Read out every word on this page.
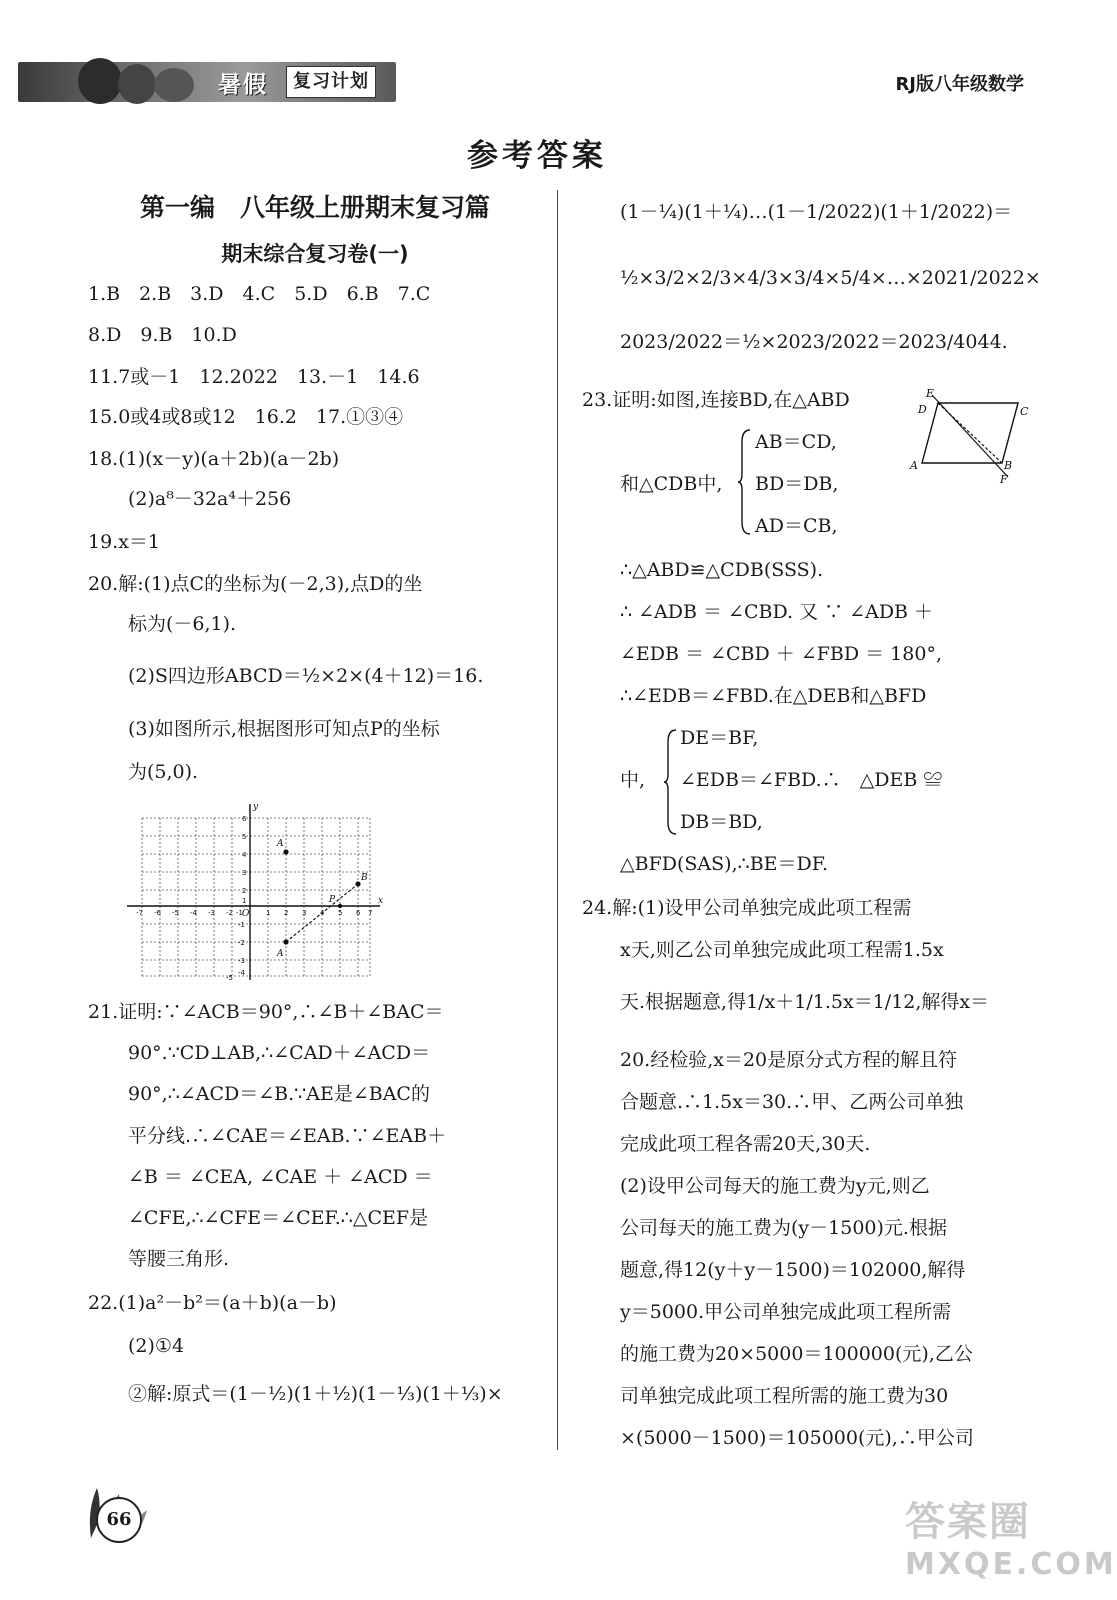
暑假	复习计划	RJ版八年级数学
参考答案
第一编　八年级上册期末复习篇
期末综合复习卷(一)
1.B　2.B　3.D　4.C　5.D　6.B　7.C
8.D　9.B　10.D
11.7或－1　12.2022　13.－1　14.6
15.0或4或8或12　16.2　17.①③④
18.(1)(x－y)(a＋2b)(a－2b)
(2)a⁸－32a⁴＋256
19.x＝1
20.解:(1)点C的坐标为(－2,3),点D的坐
标为(－6,1).
(2)S四边形ABCD＝½×2×(4＋12)＝16.
(3)如图所示,根据图形可知点P的坐标
为(5,0).
y
x
O
A
B
P
A
-7 -6 -5 -4 -3 -2 -1	1 2 3 4 5 6 7
6
5
4
3
2
1
-1
-2
-3
-4
-5
21.证明:∵∠ACB＝90°,∴∠B＋∠BAC＝
90°.∵CD⊥AB,∴∠CAD＋∠ACD＝
90°,∴∠ACD＝∠B.∵AE是∠BAC的
平分线.∴∠CAE＝∠EAB.∵∠EAB＋
∠B ＝ ∠CEA, ∠CAE ＋ ∠ACD ＝
∠CFE,∴∠CFE＝∠CEF.∴△CEF是
等腰三角形.
22.(1)a²－b²＝(a＋b)(a－b)
(2)①4
②解:原式＝(1－½)(1＋½)(1－⅓)(1＋⅓)×
(1－¼)(1＋¼)…(1－1/2022)(1＋1/2022)＝
½×3/2×2/3×4/3×3/4×5/4×…×2021/2022×
2023/2022＝½×2023/2022＝2023/4044.
23.证明:如图,连接BD,在△ABD
A	B
C
D
E
F
AB＝CD,
和△CDB中, BD＝DB,
AD＝CB,
∴△ABD≌△CDB(SSS).
∴ ∠ADB ＝ ∠CBD. 又 ∵ ∠ADB ＋
∠EDB ＝ ∠CBD ＋ ∠FBD ＝ 180°,
∴∠EDB＝∠FBD.在△DEB和△BFD
DE＝BF,
中, ∠EDB＝∠FBD.∴　△DEB ≌
DB＝BD,
△BFD(SAS),∴BE＝DF.
24.解:(1)设甲公司单独完成此项工程需
x天,则乙公司单独完成此项工程需1.5x
天.根据题意,得1/x＋1/1.5x＝1/12,解得x＝
20.经检验,x＝20是原分式方程的解且符
合题意.∴1.5x＝30.∴甲、乙两公司单独
完成此项工程各需20天,30天.
(2)设甲公司每天的施工费为y元,则乙
公司每天的施工费为(y－1500)元.根据
题意,得12(y＋y－1500)＝102000,解得
y＝5000.甲公司单独完成此项工程所需
的施工费为20×5000＝100000(元),乙公
司单独完成此项工程所需的施工费为30
×(5000－1500)＝105000(元),∴甲公司
66	答案圈
MXQE.COM
